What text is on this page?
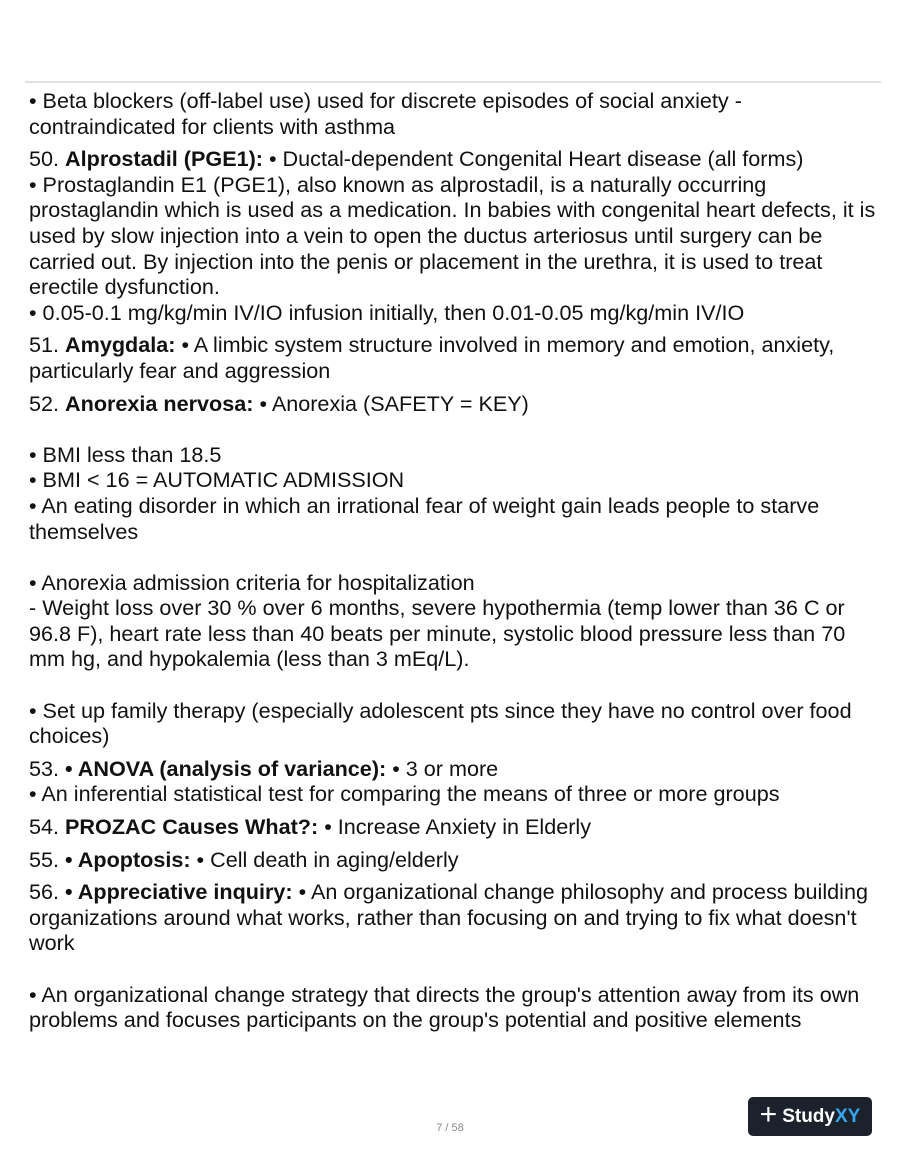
• Beta blockers (off-label use) used for discrete episodes of social anxiety - contraindicated for clients with asthma

50. Alprostadil (PGE1): • Ductal-dependent Congenital Heart disease (all forms)

• Prostaglandin E1 (PGE1), also known as alprostadil, is a naturally occurring prostaglandin which is used as a medication. In babies with congenital heart defects, it is used by slow injection into a vein to open the ductus arteriosus until surgery can be carried out. By injection into the penis or placement in the urethra, it is used to treat erectile dysfunction.

• 0.05-0.1 mg/kg/min IV/IO infusion initially, then 0.01-0.05 mg/kg/min IV/IO

51. Amygdala: • A limbic system structure involved in memory and emotion, anxiety, particularly fear and aggression

52. Anorexia nervosa: • Anorexia (SAFETY = KEY)

• BMI less than 18.5

• BMI < 16 = AUTOMATIC ADMISSION

• An eating disorder in which an irrational fear of weight gain leads people to starve themselves

• Anorexia admission criteria for hospitalization

- Weight loss over 30 % over 6 months, severe hypothermia (temp lower than 36 C or 96.8 F), heart rate less than 40 beats per minute, systolic blood pressure less than 70 mm hg, and hypokalemia (less than 3 mEq/L).

• Set up family therapy (especially adolescent pts since they have no control over food choices)

53. • ANOVA (analysis of variance): • 3 or more

• An inferential statistical test for comparing the means of three or more groups

54. PROZAC Causes What?: • Increase Anxiety in Elderly

55. • Apoptosis: • Cell death in aging/elderly

56. • Appreciative inquiry: • An organizational change philosophy and process building organizations around what works, rather than focusing on and trying to fix what doesn't work

• An organizational change strategy that directs the group's attention away from its own problems and focuses participants on the group's potential and positive elements

7 / 58	+ Study XY
